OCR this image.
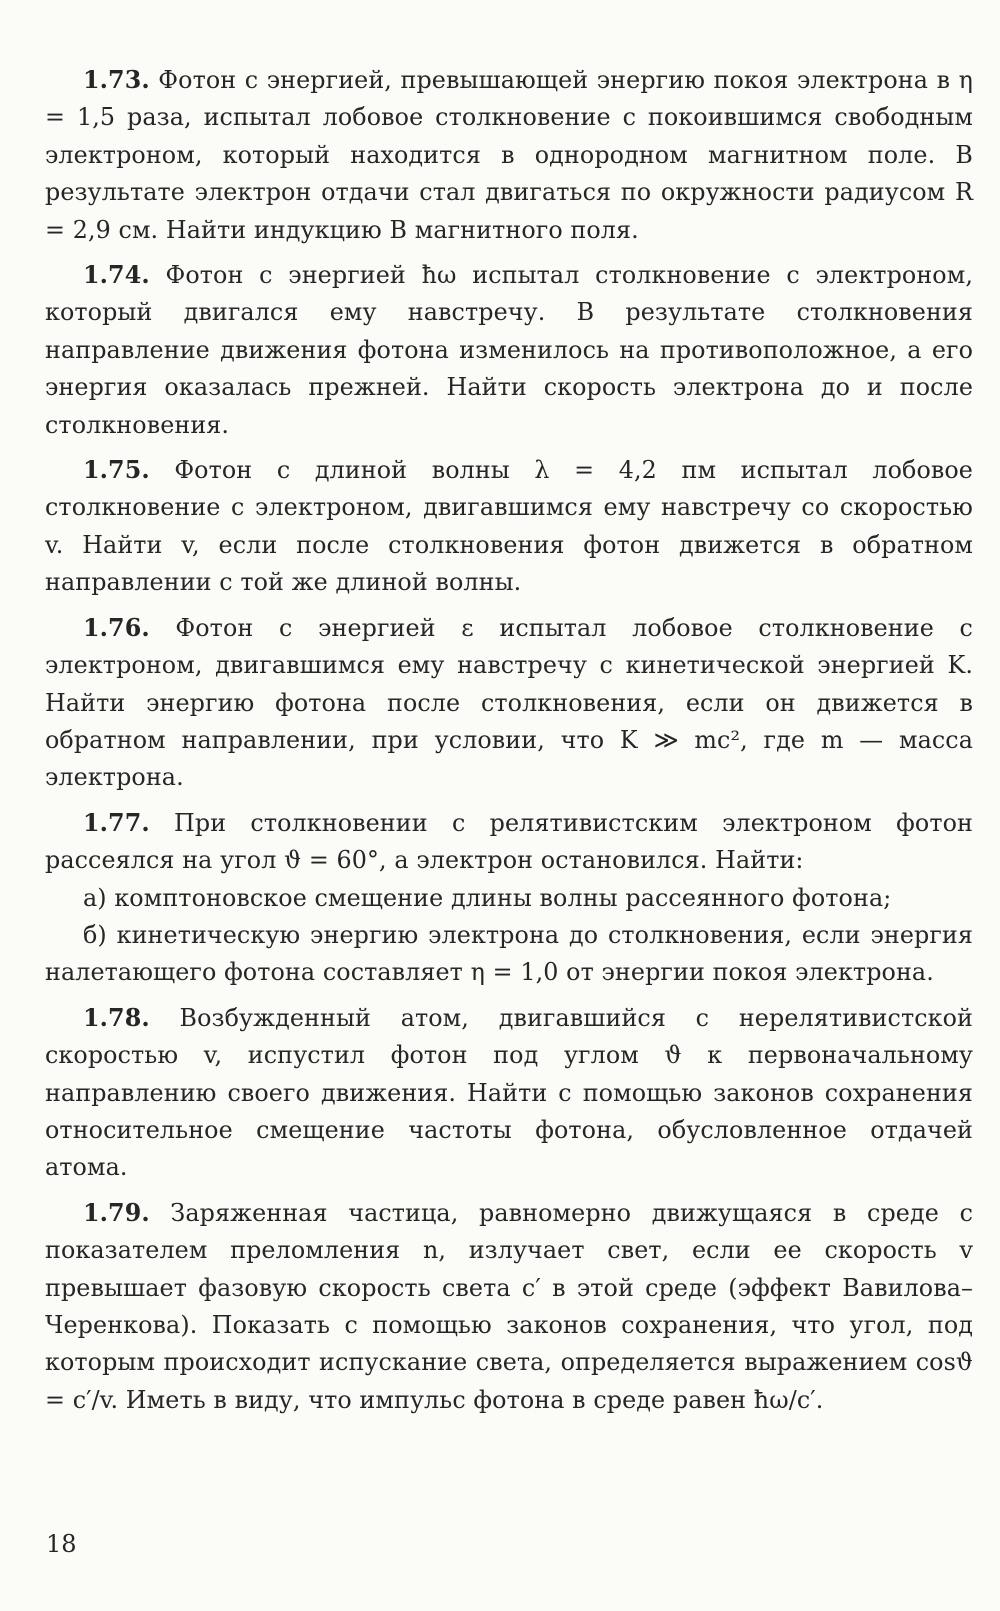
1.73. Фотон с энергией, превышающей энергию покоя электрона в η = 1,5 раза, испытал лобовое столкновение с покоившимся свободным электроном, который находится в однородном магнитном поле. В результате электрон отдачи стал двигаться по окружности радиусом R = 2,9 см. Найти индукцию B магнитного поля.

1.74. Фотон с энергией ħω испытал столкновение с электроном, который двигался ему навстречу. В результате столкновения направление движения фотона изменилось на противоположное, а его энергия оказалась прежней. Найти скорость электрона до и после столкновения.

1.75. Фотон с длиной волны λ = 4,2 пм испытал лобовое столкновение с электроном, двигавшимся ему навстречу со скоростью v. Найти v, если после столкновения фотон движется в обратном направлении с той же длиной волны.

1.76. Фотон с энергией ε испытал лобовое столкновение с электроном, двигавшимся ему навстречу с кинетической энергией K. Найти энергию фотона после столкновения, если он движется в обратном направлении, при условии, что K ≫ mc², где m — масса электрона.

1.77. При столкновении с релятивистским электроном фотон рассеялся на угол ϑ = 60°, а электрон остановился. Найти:
а) комптоновское смещение длины волны рассеянного фотона;
б) кинетическую энергию электрона до столкновения, если энергия налетающего фотона составляет η = 1,0 от энергии покоя электрона.

1.78. Возбужденный атом, двигавшийся с нерелятивистской скоростью v, испустил фотон под углом ϑ к первоначальному направлению своего движения. Найти с помощью законов сохранения относительное смещение частоты фотона, обусловленное отдачей атома.

1.79. Заряженная частица, равномерно движущаяся в среде с показателем преломления n, излучает свет, если ее скорость v превышает фазовую скорость света c′ в этой среде (эффект Вавилова–Черенкова). Показать с помощью законов сохранения, что угол, под которым происходит испускание света, определяется выражением cosϑ = c′/v. Иметь в виду, что импульс фотона в среде равен ħω/c′.

18
